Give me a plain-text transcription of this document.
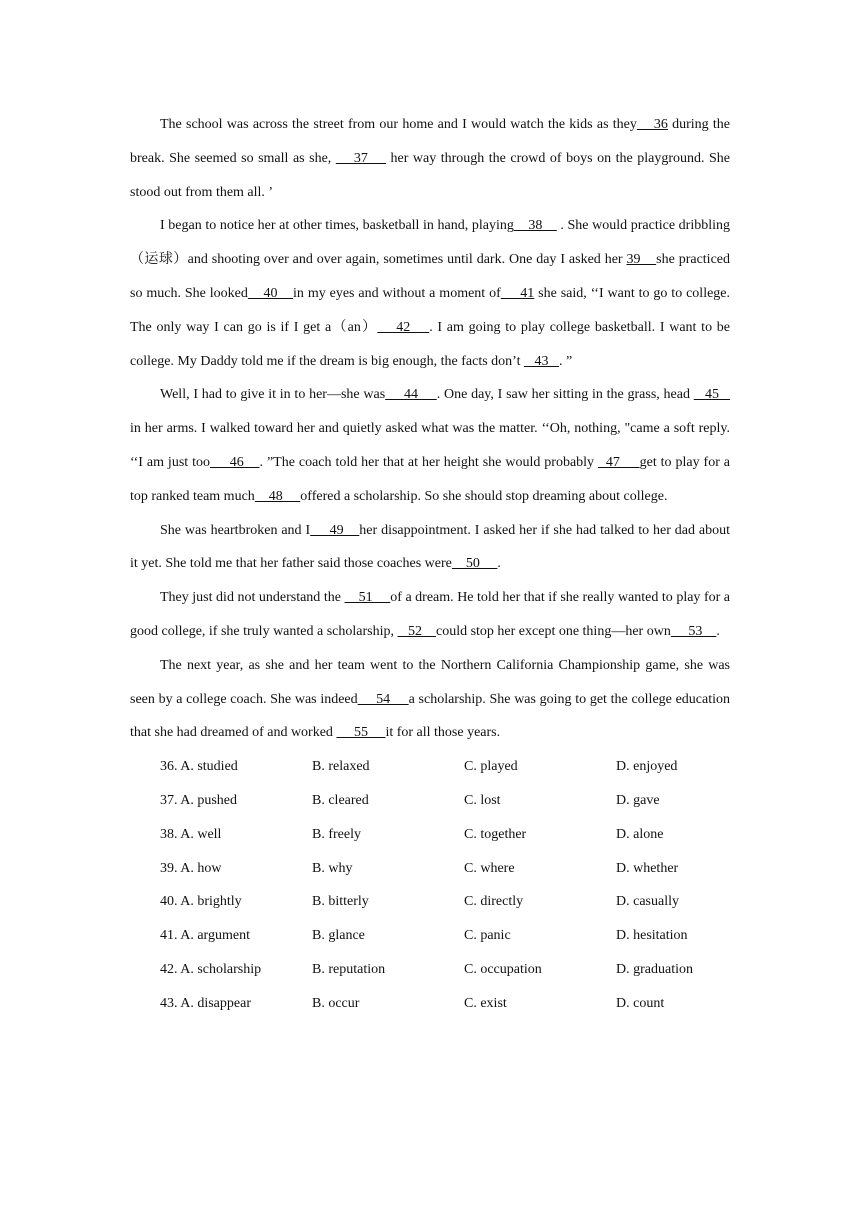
The school was across the street from our home and I would watch the kids as they    36 during the break. She seemed so small as she,     37     her way through the crowd of boys on the playground. She stood out from them all. ’

I began to notice her at other times, basketball in hand, playing    38     . She would practice dribbling（运球）and shooting over and over again, sometimes until dark. One day I asked her 39    she practiced so much. She looked    40    in my eyes and without a moment of     41 she said, ‘‘I want to go to college. The only way I can go is if I get a（an）    42    . I am going to play college basketball. I want to be college. My Daddy told me if the dream is big enough, the facts don’t    43   . ”

Well, I had to give it in to her—she was     44     . One day, I saw her sitting in the grass, head    45    in her arms. I walked toward her and quietly asked what was the matter. ‘‘Oh, nothing, "came a soft reply. ‘‘I am just too     46    . ”The coach told her that at her height she would probably   47     get to play for a top ranked team much    48     offered a scholarship. So she should stop dreaming about college.

She was heartbroken and I     49    her disappointment. I asked her if she had talked to her dad about it yet. She told me that her father said those coaches were    50     .

They just did not understand the     51     of a dream. He told her that if she really wanted to play for a good college, if she truly wanted a scholarship,    52    could stop her except one thing—her own     53    .

The next year, as she and her team went to the Northern California Championship game, she was seen by a college coach. She was indeed     54     a scholarship. She was going to get the college education that she had dreamed of and worked      55     it for all those years.

36. A. studied	B. relaxed	C. played	D. enjoyed
37. A. pushed	B. cleared	C. lost	D. gave
38. A. well	B. freely	C. together	D. alone
39. A. how	B. why	C. where	D. whether
40. A. brightly	B. bitterly	C. directly	D. casually
41. A. argument	B. glance	C. panic	D. hesitation
42. A. scholarship	B. reputation	C. occupation	D. graduation
43. A. disappear	B. occur	C. exist	D. count
